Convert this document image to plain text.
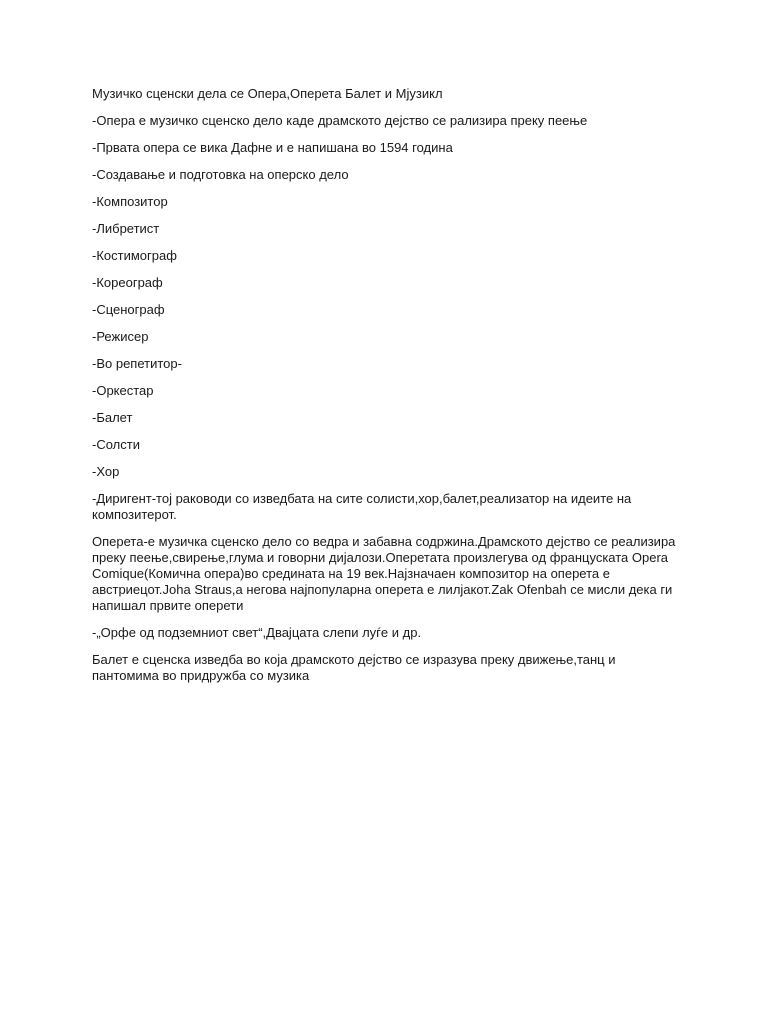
Музичко сценски дела се Опера,Оперета Балет и Мјузикл

-Опера е музичко сценско дело каде драмското дејство се рализира преку пеење

-Првата опера се вика Дафне и е напишана во 1594 година

-Создавање и подготовка на оперско дело

-Композитор

-Либретист

-Костимограф

-Кореограф

-Сценограф

-Режисер

-Во репетитор-

-Оркестар

-Балет

-Солсти

-Хор

-Диригент-тој раководи со изведбата на сите солисти,хор,балет,реализатор на идеите на композитерот.

Оперета-е музичка сценско дело со ведра и забавна содржина.Драмското дејство се реализира преку пеење,свирење,глума и говорни дијалози.Оперетата произлегува од француската Opera Comique(Комична опера)во средината на 19 век.Најзначаен композитор на оперета е австриецот.Joha Straus,а негова најпопуларна оперета е лилјакот.Zak Ofenbah се мисли дека ги напишал првите оперети

-„Орфе од подземниот свет“,Двајцата слепи луѓе и др.

Балет е сценска изведба во која драмското дејство се изразува преку движење,танц и пантомима во придружба со музика
